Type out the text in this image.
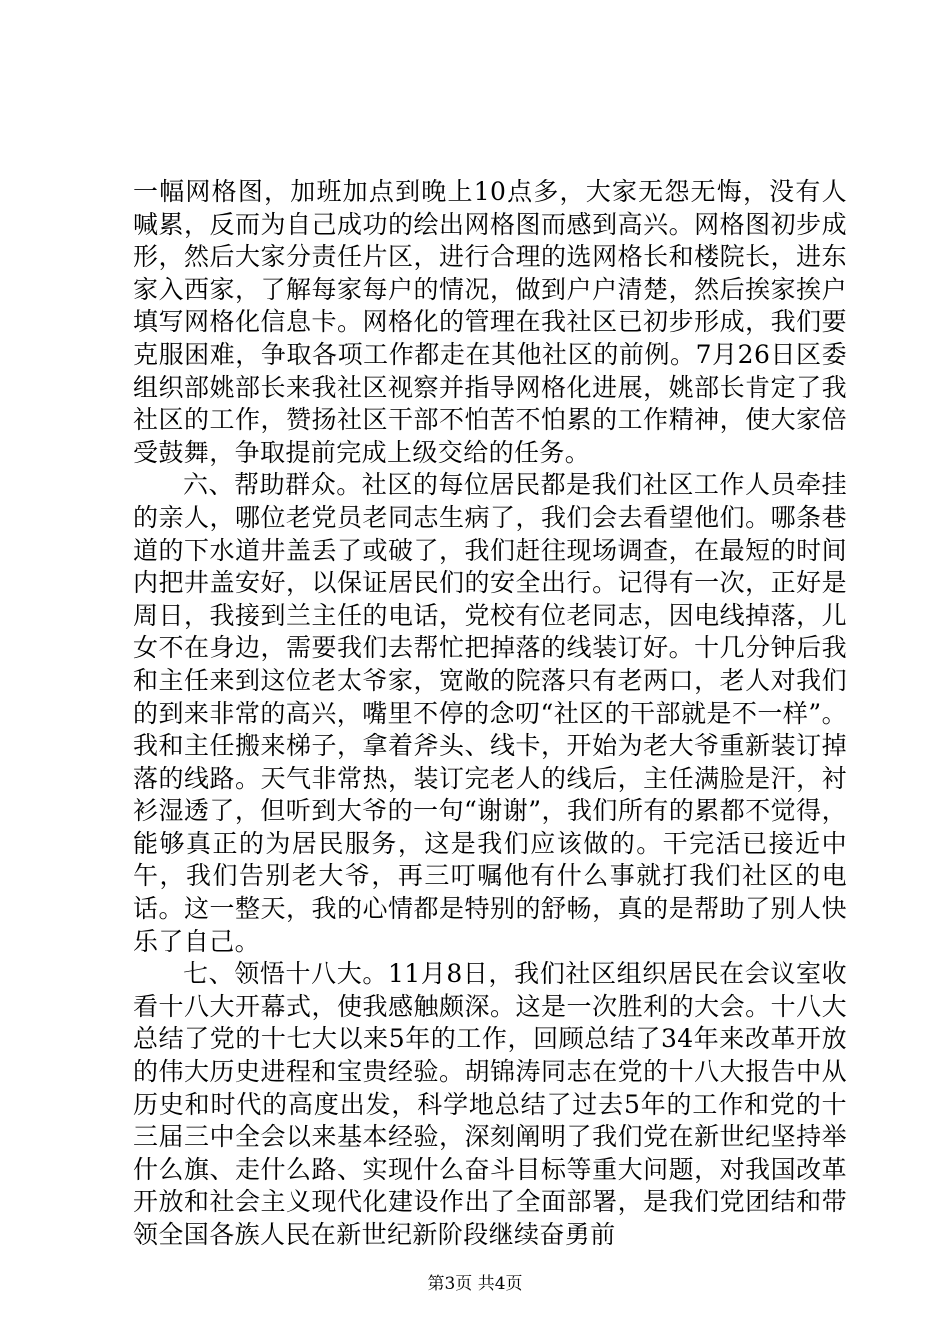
一幅网格图，加班加点到晚上10点多，大家无怨无悔，没有人喊累，反而为自己成功的绘出网格图而感到高兴。网格图初步成形，然后大家分责任片区，进行合理的选网格长和楼院长，进东家入西家，了解每家每户的情况，做到户户清楚，然后挨家挨户填写网格化信息卡。网格化的管理在我社区已初步形成，我们要克服困难，争取各项工作都走在其他社区的前例。7月26日区委组织部姚部长来我社区视察并指导网格化进展，姚部长肯定了我社区的工作，赞扬社区干部不怕苦不怕累的工作精神，使大家倍受鼓舞，争取提前完成上级交给的任务。

六、帮助群众。社区的每位居民都是我们社区工作人员牵挂的亲人，哪位老党员老同志生病了，我们会去看望他们。哪条巷道的下水道井盖丢了或破了，我们赶往现场调查，在最短的时间内把井盖安好，以保证居民们的安全出行。记得有一次，正好是周日，我接到兰主任的电话，党校有位老同志，因电线掉落，儿女不在身边，需要我们去帮忙把掉落的线装订好。十几分钟后我和主任来到这位老太爷家，宽敞的院落只有老两口，老人对我们的到来非常的高兴，嘴里不停的念叨“社区的干部就是不一样”。我和主任搬来梯子，拿着斧头、线卡，开始为老大爷重新装订掉落的线路。天气非常热，装订完老人的线后，主任满脸是汗，衬衫湿透了，但听到大爷的一句“谢谢”，我们所有的累都不觉得，能够真正的为居民服务，这是我们应该做的。干完活已接近中午，我们告别老大爷，再三叮嘱他有什么事就打我们社区的电话。这一整天，我的心情都是特别的舒畅，真的是帮助了别人快乐了自己。

七、领悟十八大。11月8日，我们社区组织居民在会议室收看十八大开幕式，使我感触颇深。这是一次胜利的大会。十八大总结了党的十七大以来5年的工作，回顾总结了34年来改革开放的伟大历史进程和宝贵经验。胡锦涛同志在党的十八大报告中从历史和时代的高度出发，科学地总结了过去5年的工作和党的十三届三中全会以来基本经验，深刻阐明了我们党在新世纪坚持举什么旗、走什么路、实现什么奋斗目标等重大问题，对我国改革开放和社会主义现代化建设作出了全面部署，是我们党团结和带领全国各族人民在新世纪新阶段继续奋勇前

第3页 共4页
